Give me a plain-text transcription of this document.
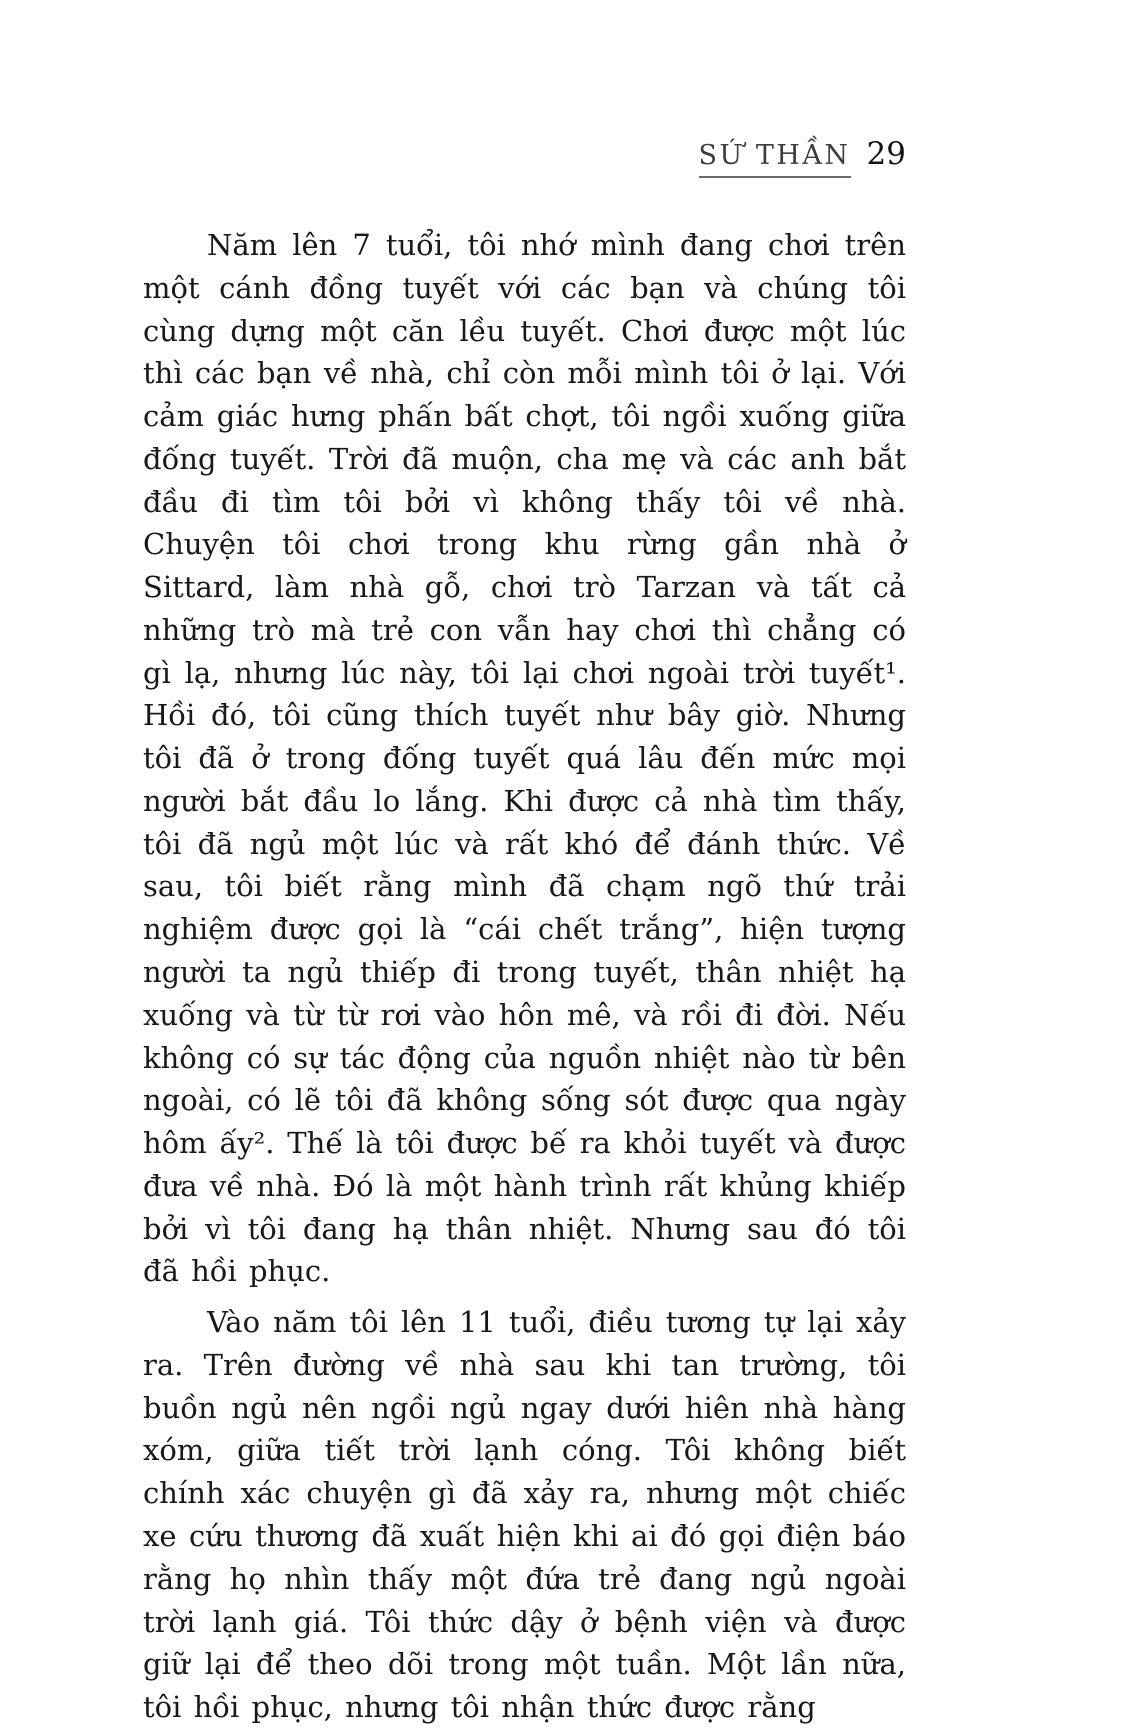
SỨ THẦN 29

Năm lên 7 tuổi, tôi nhớ mình đang chơi trên một cánh đồng tuyết với các bạn và chúng tôi cùng dựng một căn lều tuyết. Chơi được một lúc thì các bạn về nhà, chỉ còn mỗi mình tôi ở lại. Với cảm giác hưng phấn bất chợt, tôi ngồi xuống giữa đống tuyết. Trời đã muộn, cha mẹ và các anh bắt đầu đi tìm tôi bởi vì không thấy tôi về nhà. Chuyện tôi chơi trong khu rừng gần nhà ở Sittard, làm nhà gỗ, chơi trò Tarzan và tất cả những trò mà trẻ con vẫn hay chơi thì chẳng có gì lạ, nhưng lúc này, tôi lại chơi ngoài trời tuyết¹. Hồi đó, tôi cũng thích tuyết như bây giờ. Nhưng tôi đã ở trong đống tuyết quá lâu đến mức mọi người bắt đầu lo lắng. Khi được cả nhà tìm thấy, tôi đã ngủ một lúc và rất khó để đánh thức. Về sau, tôi biết rằng mình đã chạm ngõ thứ trải nghiệm được gọi là “cái chết trắng”, hiện tượng người ta ngủ thiếp đi trong tuyết, thân nhiệt hạ xuống và từ từ rơi vào hôn mê, và rồi đi đời. Nếu không có sự tác động của nguồn nhiệt nào từ bên ngoài, có lẽ tôi đã không sống sót được qua ngày hôm ấy². Thế là tôi được bế ra khỏi tuyết và được đưa về nhà. Đó là một hành trình rất khủng khiếp bởi vì tôi đang hạ thân nhiệt. Nhưng sau đó tôi đã hồi phục.

Vào năm tôi lên 11 tuổi, điều tương tự lại xảy ra. Trên đường về nhà sau khi tan trường, tôi buồn ngủ nên ngồi ngủ ngay dưới hiên nhà hàng xóm, giữa tiết trời lạnh cóng. Tôi không biết chính xác chuyện gì đã xảy ra, nhưng một chiếc xe cứu thương đã xuất hiện khi ai đó gọi điện báo rằng họ nhìn thấy một đứa trẻ đang ngủ ngoài trời lạnh giá. Tôi thức dậy ở bệnh viện và được giữ lại để theo dõi trong một tuần. Một lần nữa, tôi hồi phục, nhưng tôi nhận thức được rằng
